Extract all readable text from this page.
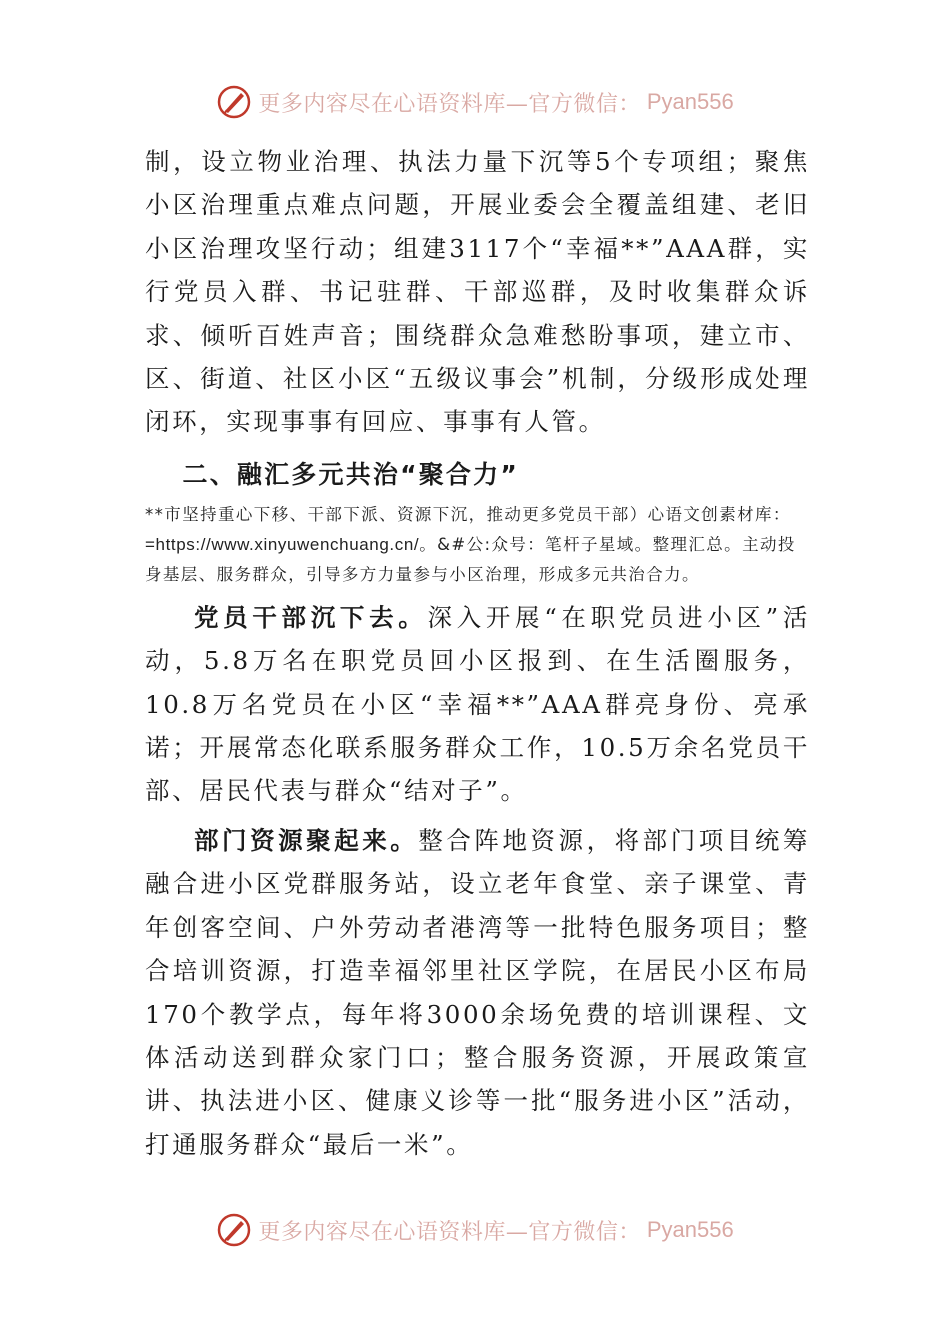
更多内容尽在心语资料库—官方微信： Pyan556

制，设立物业治理、执法力量下沉等5个专项组；聚焦小区治理重点难点问题，开展业委会全覆盖组建、老旧小区治理攻坚行动；组建3117个“幸福**”AAA群，实行党员入群、书记驻群、干部巡群，及时收集群众诉求、倾听百姓声音；围绕群众急难愁盼事项，建立市、区、街道、社区小区“五级议事会”机制，分级形成处理闭环，实现事事有回应、事事有人管。

二、融汇多元共治“聚合力”

**市坚持重心下移、干部下派、资源下沉，推动更多党员干部）心语文创素材库：=https://www.xinyuwenchuang.cn/。&#公:众号：笔杆子星域。整理汇总。主动投身基层、服务群众，引导多方力量参与小区治理，形成多元共治合力。

党员干部沉下去。深入开展“在职党员进小区”活动，5.8万名在职党员回小区报到、在生活圈服务，10.8万名党员在小区“幸福**”AAA群亮身份、亮承诺；开展常态化联系服务群众工作，10.5万余名党员干部、居民代表与群众“结对子”。

部门资源聚起来。整合阵地资源，将部门项目统筹融合进小区党群服务站，设立老年食堂、亲子课堂、青年创客空间、户外劳动者港湾等一批特色服务项目；整合培训资源，打造幸福邻里社区学院，在居民小区布局170个教学点，每年将3000余场免费的培训课程、文体活动送到群众家门口；整合服务资源，开展政策宣讲、执法进小区、健康义诊等一批“服务进小区”活动，打通服务群众“最后一米”。

更多内容尽在心语资料库—官方微信： Pyan556
